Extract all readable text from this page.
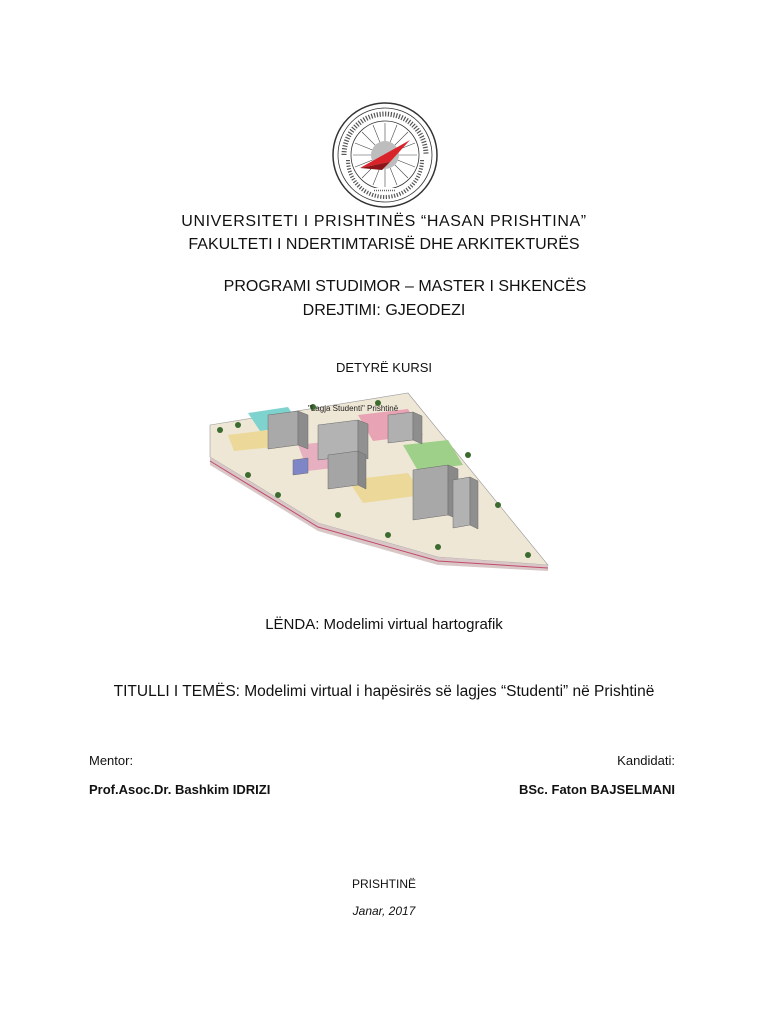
UNIVERSITETI I PRISHTINËS “HASAN PRISHTINA”
FAKULTETI I NDERTIMTARISË DHE ARKITEKTURËS
PROGRAMI STUDIMOR – MASTER I SHKENCËS
DREJTIMI: GJEODEZI
DETYRË KURSI
"Lagja Studenti" Prishtinë
LËNDA: Modelimi virtual hartografik
TITULLI I TEMËS: Modelimi virtual i hapësirës së lagjes “Studenti” në Prishtinë
Mentor:	Kandidati:
Prof.Asoc.Dr. Bashkim IDRIZI	BSc. Faton BAJSELMANI
PRISHTINË
Janar, 2017
